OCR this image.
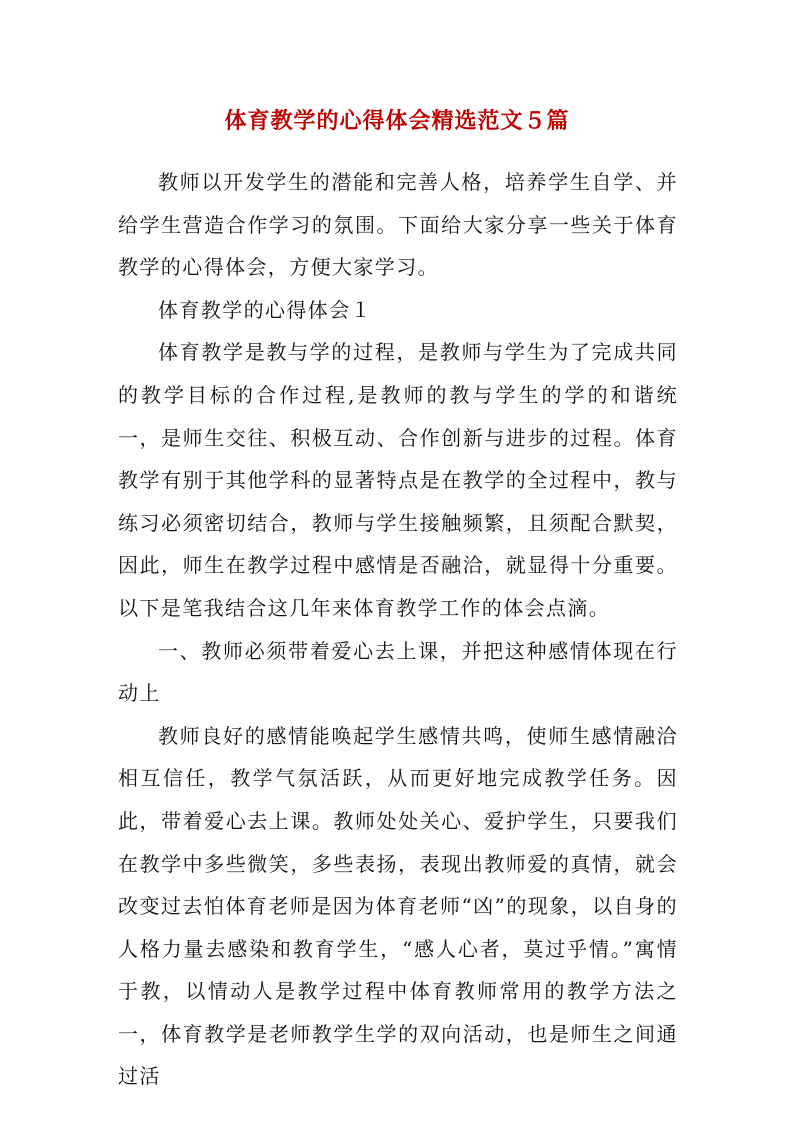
体育教学的心得体会精选范文５篇

教师以开发学生的潜能和完善人格，培养学生自学、并给学生营造合作学习的氛围。下面给大家分享一些关于体育教学的心得体会，方便大家学习。

体育教学的心得体会１

体育教学是教与学的过程，是教师与学生为了完成共同的教学目标的合作过程,是教师的教与学生的学的和谐统一，是师生交往、积极互动、合作创新与进步的过程。体育教学有别于其他学科的显著特点是在教学的全过程中，教与练习必须密切结合，教师与学生接触频繁，且须配合默契，因此，师生在教学过程中感情是否融洽，就显得十分重要。以下是笔我结合这几年来体育教学工作的体会点滴。

一、教师必须带着爱心去上课，并把这种感情体现在行动上

教师良好的感情能唤起学生感情共鸣，使师生感情融洽相互信任，教学气氛活跃，从而更好地完成教学任务。因此，带着爱心去上课。教师处处关心、爱护学生，只要我们在教学中多些微笑，多些表扬，表现出教师爱的真情，就会改变过去怕体育老师是因为体育老师“凶”的现象，以自身的人格力量去感染和教育学生，“感人心者，莫过乎情。”寓情于教，以情动人是教学过程中体育教师常用的教学方法之一，体育教学是老师教学生学的双向活动，也是师生之间通过活
